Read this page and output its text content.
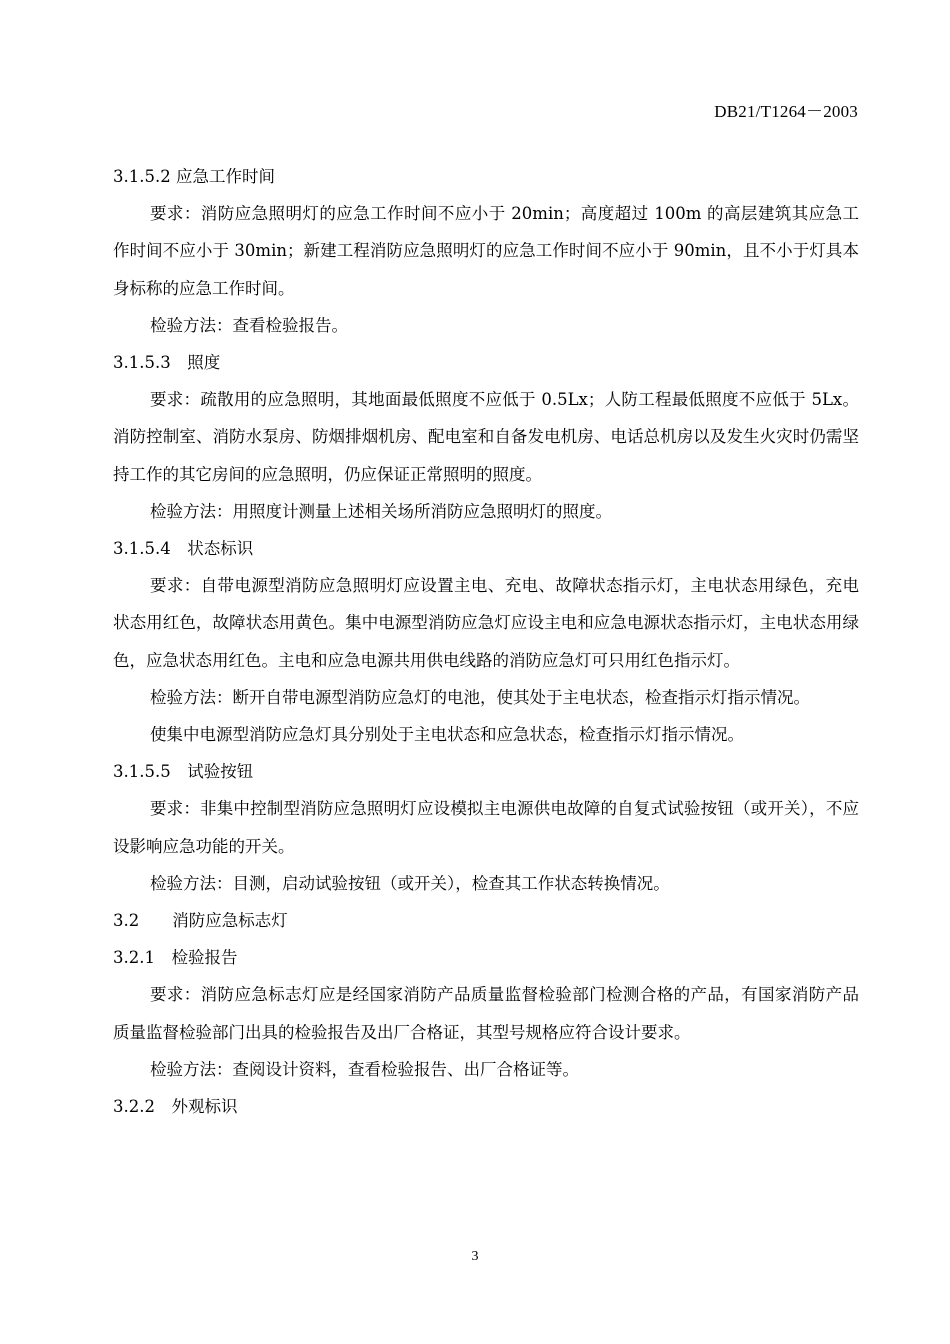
DB21/T1264－2003

3.1.5.2 应急工作时间

要求：消防应急照明灯的应急工作时间不应小于 20min；高度超过 100m 的高层建筑其应急工作时间不应小于 30min；新建工程消防应急照明灯的应急工作时间不应小于 90min，且不小于灯具本身标称的应急工作时间。

检验方法：查看检验报告。

3.1.5.3　照度

要求：疏散用的应急照明，其地面最低照度不应低于 0.5Lx；人防工程最低照度不应低于 5Lx。消防控制室、消防水泵房、防烟排烟机房、配电室和自备发电机房、电话总机房以及发生火灾时仍需坚持工作的其它房间的应急照明，仍应保证正常照明的照度。

检验方法：用照度计测量上述相关场所消防应急照明灯的照度。

3.1.5.4　状态标识

要求：自带电源型消防应急照明灯应设置主电、充电、故障状态指示灯，主电状态用绿色，充电状态用红色，故障状态用黄色。集中电源型消防应急灯应设主电和应急电源状态指示灯，主电状态用绿色，应急状态用红色。主电和应急电源共用供电线路的消防应急灯可只用红色指示灯。

检验方法：断开自带电源型消防应急灯的电池，使其处于主电状态，检查指示灯指示情况。

使集中电源型消防应急灯具分别处于主电状态和应急状态，检查指示灯指示情况。

3.1.5.5　试验按钮

要求：非集中控制型消防应急照明灯应设模拟主电源供电故障的自复式试验按钮（或开关），不应设影响应急功能的开关。

检验方法：目测，启动试验按钮（或开关），检查其工作状态转换情况。

3.2　　消防应急标志灯

3.2.1　检验报告

要求：消防应急标志灯应是经国家消防产品质量监督检验部门检测合格的产品，有国家消防产品质量监督检验部门出具的检验报告及出厂合格证，其型号规格应符合设计要求。

检验方法：查阅设计资料，查看检验报告、出厂合格证等。

3.2.2　外观标识

3
